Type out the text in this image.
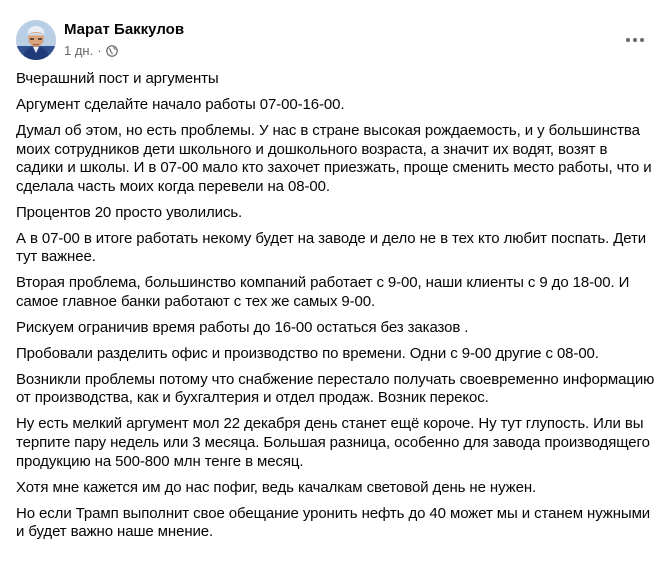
Марат Баккулов
1 дн. ·

Вчерашний пост и аргументы

Аргумент сделайте начало работы 07-00-16-00.

Думал об этом, но есть проблемы. У нас в стране высокая рождаемость, и у большинства моих сотрудников дети школьного и дошкольного возраста, а значит их водят, возят в садики и школы. И в 07-00 мало кто захочет приезжать, проще сменить место работы, что и сделала часть моих когда перевели на 08-00.

Процентов 20 просто уволились.

А в 07-00 в итоге работать некому будет на заводе и дело не в тех кто любит поспать. Дети тут важнее.

Вторая проблема, большинство компаний работает с 9-00, наши клиенты с 9 до 18-00. И самое главное банки работают с тех же самых 9-00.

Рискуем ограничив время работы до 16-00 остаться без заказов .

Пробовали разделить офис и производство по времени. Одни с 9-00 другие с 08-00.

Возникли проблемы потому что снабжение перестало получать своевременно информацию от производства, как и бухгалтерия и отдел продаж. Возник перекос.

Ну есть мелкий аргумент мол 22 декабря день станет ещё короче. Ну тут глупость. Или вы терпите пару недель или 3 месяца. Большая разница, особенно для завода производящего продукцию на 500-800 млн тенге в месяц.

Хотя мне кажется им до нас пофиг, ведь качалкам световой день не нужен.

Но если Трамп выполнит свое обещание уронить нефть до 40 может мы и станем нужными и будет важно наше мнение.
